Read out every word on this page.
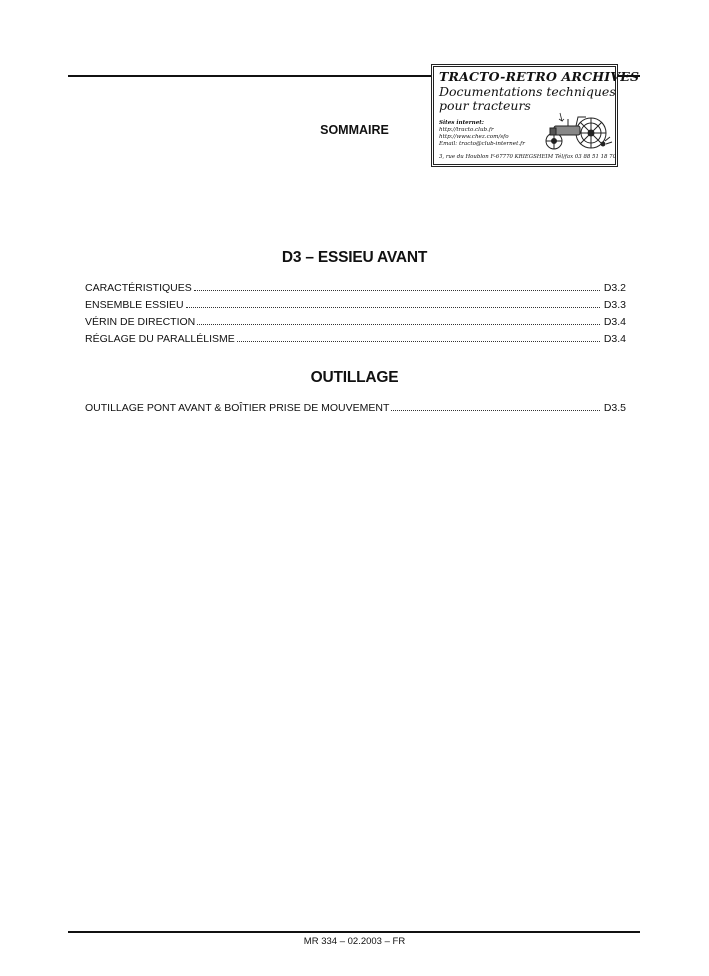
TRACTO-RETRO ARCHIVES
Documentations techniques
pour tracteurs
Sites internet:
http://tracto.club.fr
http://www.chez.com/sfo
Email: tracto@club-internet.fr
3, rue du Houblon F-67770 KRIEGSHEIM Tél/fax 03 88 51 18 70
SOMMAIRE
D3 – ESSIEU AVANT
CARACTÉRISTIQUES	D3.2
ENSEMBLE ESSIEU	D3.3
VÉRIN DE DIRECTION	D3.4
RÉGLAGE DU PARALLÉLISME	D3.4
OUTILLAGE
OUTILLAGE PONT AVANT & BOÎTIER PRISE DE MOUVEMENT	D3.5
MR 334 – 02.2003 – FR
